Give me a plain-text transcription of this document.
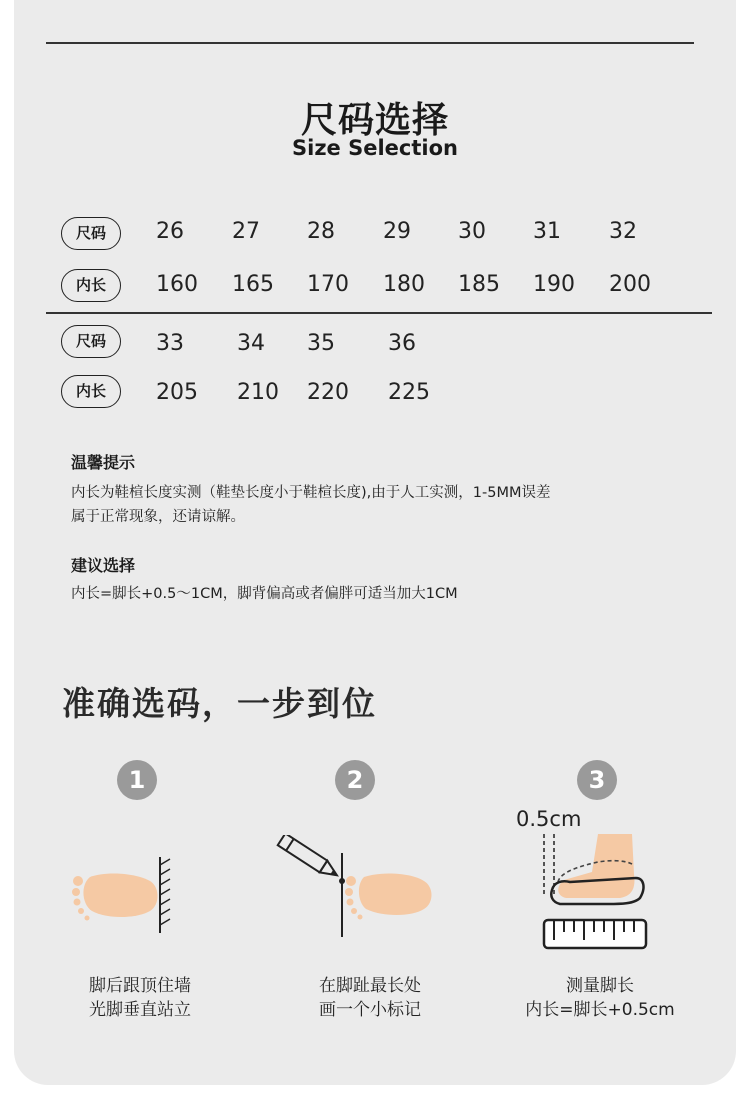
尺码选择
Size Selection
尺码	26 27 28 29 30 31 32
内长	160 165 170 180 185 190 200
尺码	33 34 35 36
内长	205 210 220 225
温馨提示
内长为鞋楦长度实测（鞋垫长度小于鞋楦长度),由于人工实测，1-5MM误差
属于正常现象，还请谅解。
建议选择
内长=脚长+0.5～1CM，脚背偏高或者偏胖可适当加大1CM
准确选码，一步到位
1	2	3
0.5cm
脚后跟顶住墙
光脚垂直站立
在脚趾最长处
画一个小标记
测量脚长
内长=脚长+0.5cm
